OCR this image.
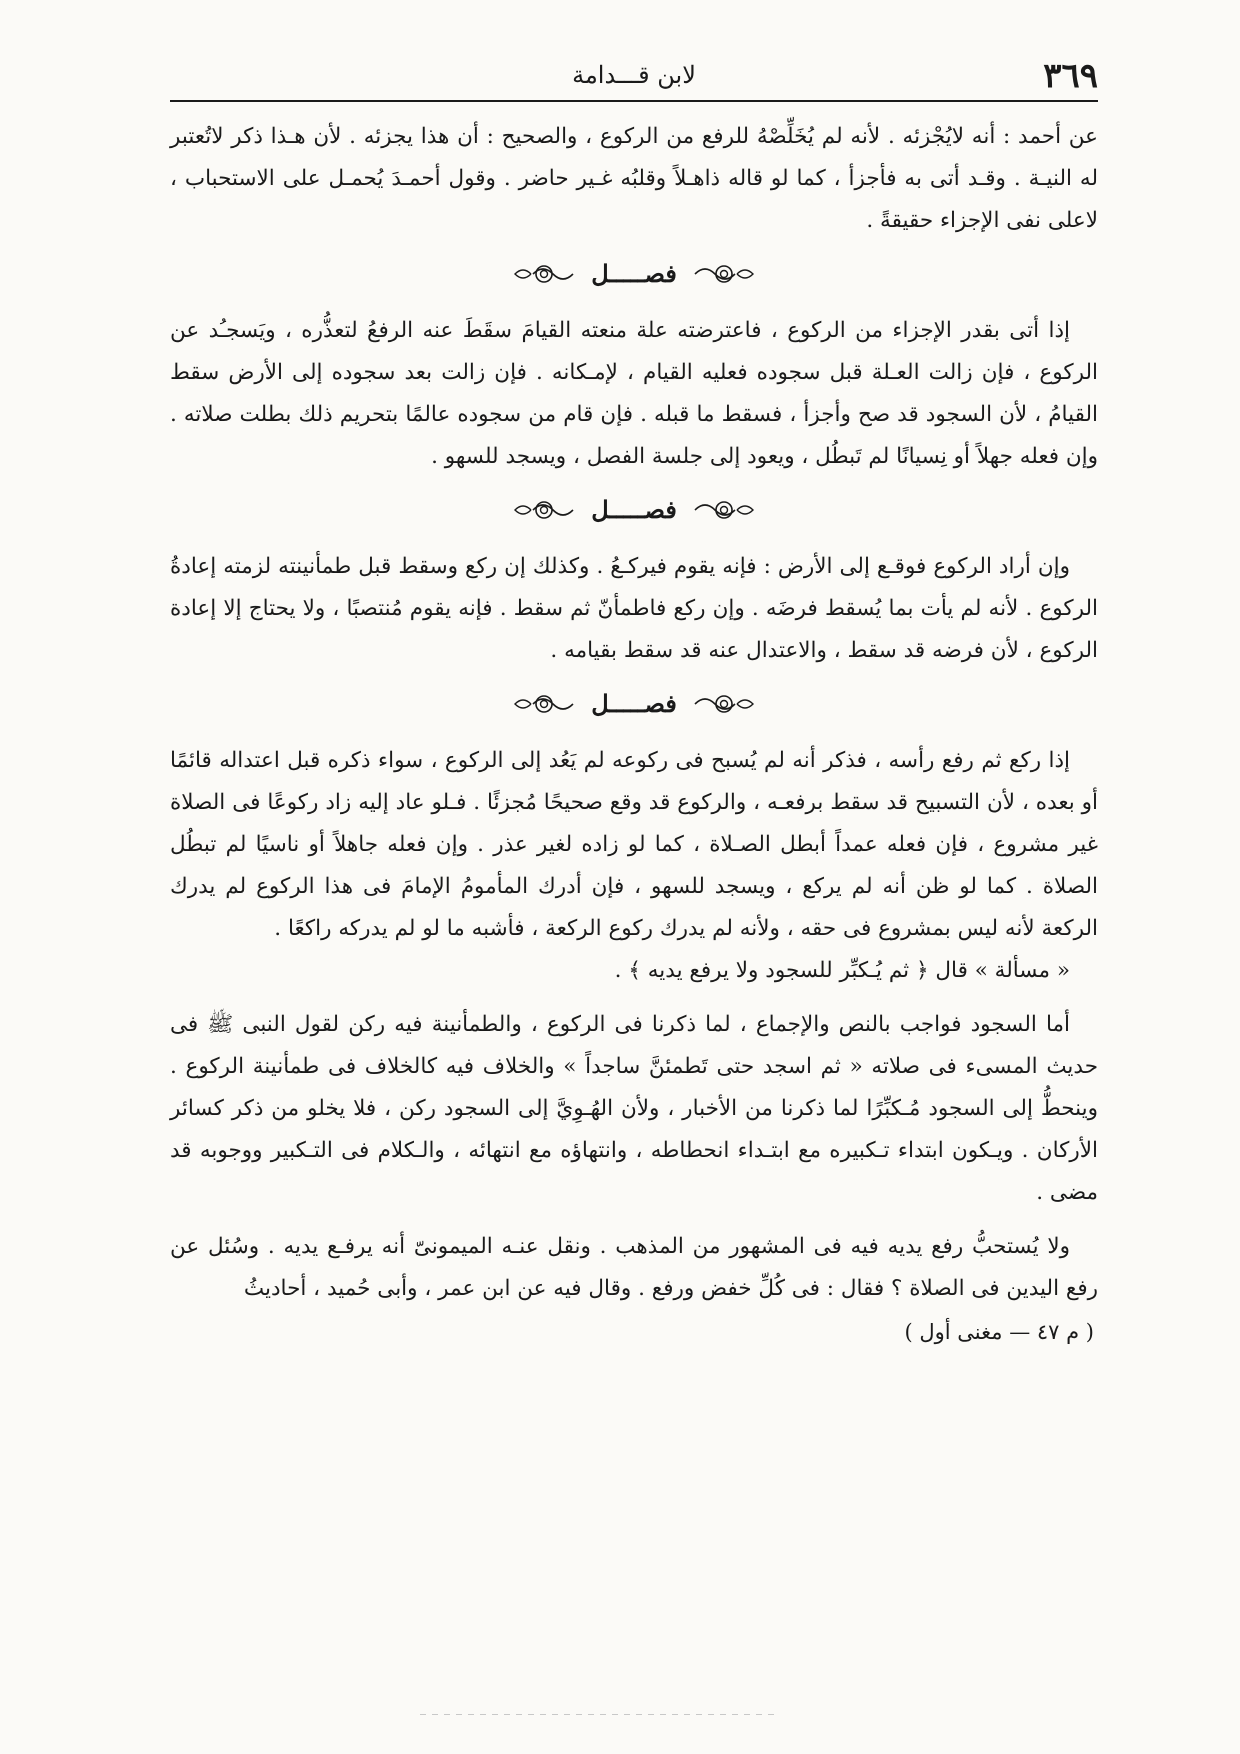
٣٦٩
لابن قـــدامة

عن أحمد : أنه لايُجْزئه . لأنه لم يُخَلِّصْهُ للرفع من الركوع ، والصحيح : أن هذا يجزئه . لأن هـذا ذكر لاتُعتبر له النيـة . وقـد أتى به فأجزأ ، كما لو قاله ذاهـلاً وقلبُه غـير حاضر . وقول أحمـدَ يُحمـل على الاستحباب ، لاعلى نفى الإجزاء حقيقةً .

فصـــــل

إذا أتى بقدر الإجزاء من الركوع ، فاعترضته علة منعته القيامَ سقَطَ عنه الرفعُ لتعذُّره ، ويَسجـُد عن الركوع ، فإن زالت العـلة قبل سجوده فعليه القيام ، لإمـكانه . فإن زالت بعد سجوده إلى الأرض سقط القيامُ ، لأن السجود قد صح وأجزأ ، فسقط ما قبله . فإن قام من سجوده عالمًا بتحريم ذلك بطلت صلاته . وإن فعله جهلاً أو نِسيانًا لم تَبطُل ، ويعود إلى جلسة الفصل ، ويسجد للسهو .

فصـــــل

وإن أراد الركوع فوقـع إلى الأرض : فإنه يقوم فيركـعُ . وكذلك إن ركع وسقط قبل طمأنينته لزمته إعادةُ الركوع . لأنه لم يأت بما يُسقط فرضَه . وإن ركع فاطمأنّ ثم سقط . فإنه يقوم مُنتصبًا ، ولا يحتاج إلا إعادة الركوع ، لأن فرضه قد سقط ، والاعتدال عنه قد سقط بقيامه .

فصـــــل

إذا ركع ثم رفع رأسه ، فذكر أنه لم يُسبح فى ركوعه لم يَعُد إلى الركوع ، سواء ذكره قبل اعتداله قائمًا أو بعده ، لأن التسبيح قد سقط برفعـه ، والركوع قد وقع صحيحًا مُجزئًا . فـلو عاد إليه زاد ركوعًا فى الصلاة غير مشروع ، فإن فعله عمداً أبطل الصـلاة ، كما لو زاده لغير عذر . وإن فعله جاهلاً أو ناسيًا لم تبطُل الصلاة . كما لو ظن أنه لم يركع ، ويسجد للسهو ، فإن أدرك المأمومُ الإمامَ فى هذا الركوع لم يدرك الركعة لأنه ليس بمشروع فى حقه ، ولأنه لم يدرك ركوع الركعة ، فأشبه ما لو لم يدركه راكعًا .

« مسألة » قال ﴿ ثم يُـكبِّر للسجود ولا يرفع يديه ﴾ .

أما السجود فواجب بالنص والإجماع ، لما ذكرنا فى الركوع ، والطمأنينة فيه ركن لقول النبى ﷺ فى حديث المسىء فى صلاته « ثم اسجد حتى تَطمئنَّ ساجداً » والخلاف فيه كالخلاف فى طمأنينة الركوع . وينحطُّ إلى السجود مُـكبِّرًا لما ذكرنا من الأخبار ، ولأن الهُـوِيَّ إلى السجود ركن ، فلا يخلو من ذكر كسائر الأركان . ويـكون ابتداء تـكبيره مع ابتـداء انحطاطه ، وانتهاؤه مع انتهائه ، والـكلام فى التـكبير ووجوبه قد مضى .

ولا يُستحبُّ رفع يديه فيه فى المشهور من المذهب . ونقل عنـه الميمونىّ أنه يرفـع يديه . وسُئل عن رفع اليدين فى الصلاة ؟ فقال : فى كُلِّ خفض ورفع . وقال فيه عن ابن عمر ، وأبى حُميد ، أحاديثُ

( م ٤٧ — مغنى أول )
